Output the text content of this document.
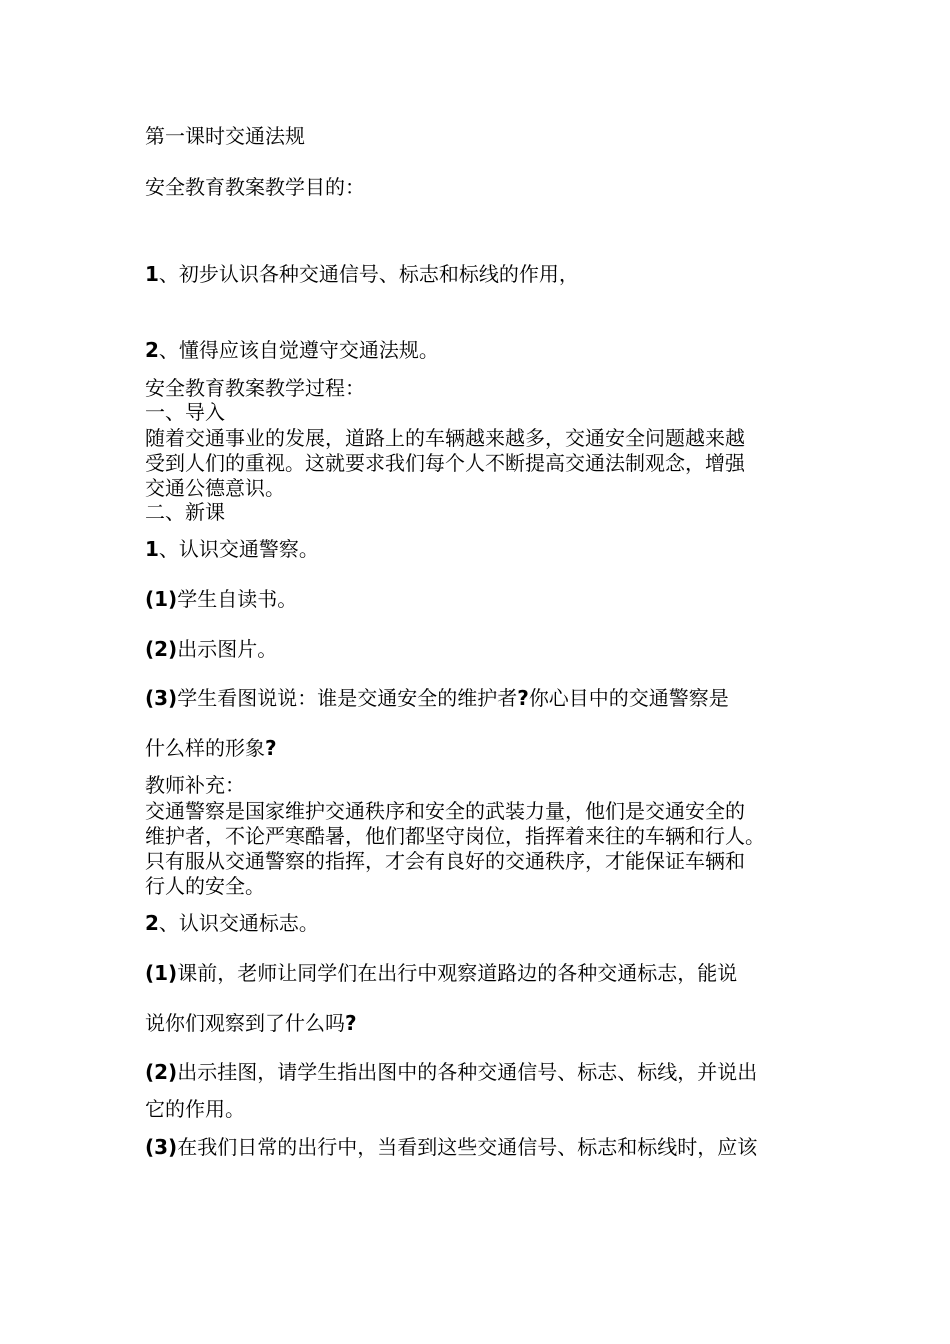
第一课时交通法规
安全教育教案教学目的：
1、初步认识各种交通信号、标志和标线的作用，
2、懂得应该自觉遵守交通法规。
安全教育教案教学过程：
一、导入
随着交通事业的发展，道路上的车辆越来越多，交通安全问题越来越
受到人们的重视。这就要求我们每个人不断提高交通法制观念，增强
交通公德意识。
二、新课
1、认识交通警察。
(1)学生自读书。
(2)出示图片。
(3)学生看图说说：谁是交通安全的维护者?你心目中的交通警察是
什么样的形象?
教师补充：
交通警察是国家维护交通秩序和安全的武装力量，他们是交通安全的
维护者，不论严寒酷暑，他们都坚守岗位，指挥着来往的车辆和行人。
只有服从交通警察的指挥，才会有良好的交通秩序，才能保证车辆和
行人的安全。
2、认识交通标志。
(1)课前，老师让同学们在出行中观察道路边的各种交通标志，能说
说你们观察到了什么吗?
(2)出示挂图，请学生指出图中的各种交通信号、标志、标线，并说出
它的作用。
(3)在我们日常的出行中，当看到这些交通信号、标志和标线时，应该
